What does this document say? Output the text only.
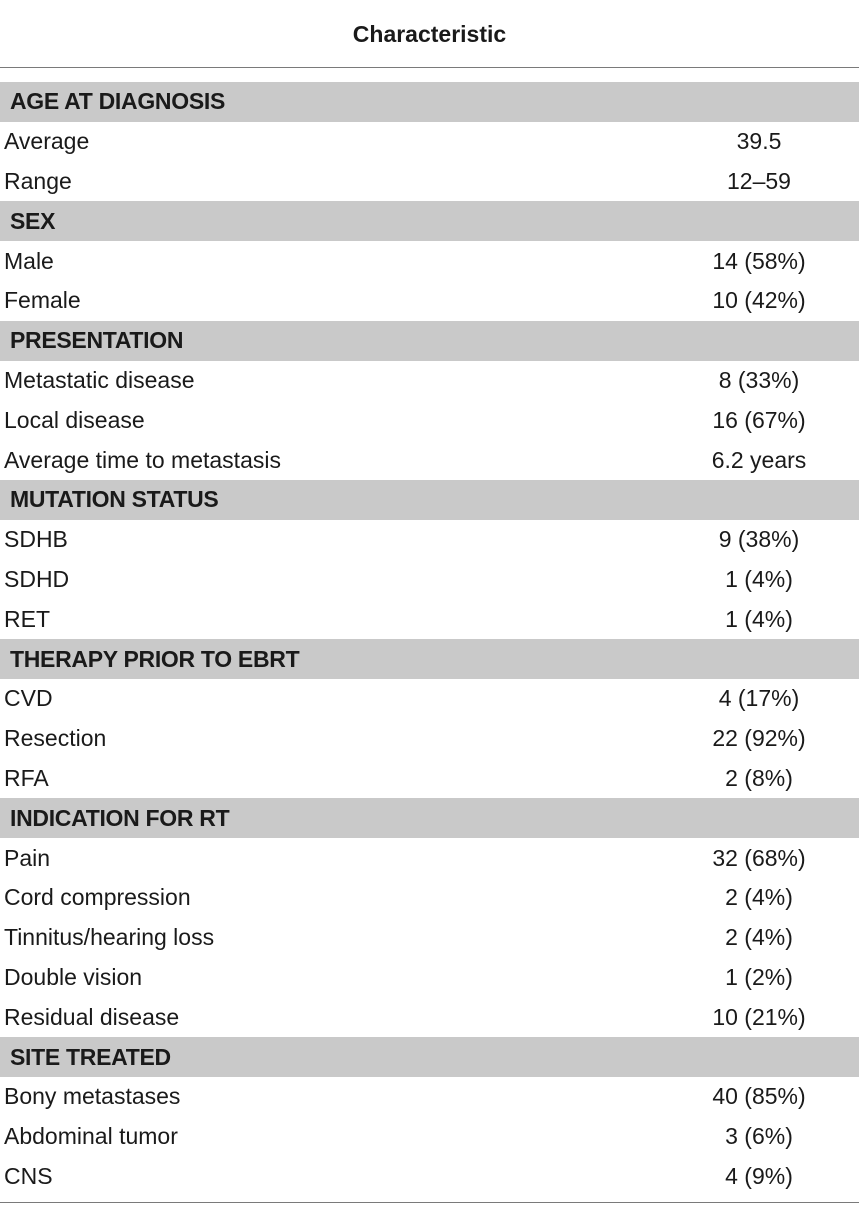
Characteristic
AGE AT DIAGNOSIS
Average	39.5
Range	12–59
SEX
Male	14 (58%)
Female	10 (42%)
PRESENTATION
Metastatic disease	8 (33%)
Local disease	16 (67%)
Average time to metastasis	6.2 years
MUTATION STATUS
SDHB	9 (38%)
SDHD	1 (4%)
RET	1 (4%)
THERAPY PRIOR TO EBRT
CVD	4 (17%)
Resection	22 (92%)
RFA	2 (8%)
INDICATION FOR RT
Pain	32 (68%)
Cord compression	2 (4%)
Tinnitus/hearing loss	2 (4%)
Double vision	1 (2%)
Residual disease	10 (21%)
SITE TREATED
Bony metastases	40 (85%)
Abdominal tumor	3 (6%)
CNS	4 (9%)
